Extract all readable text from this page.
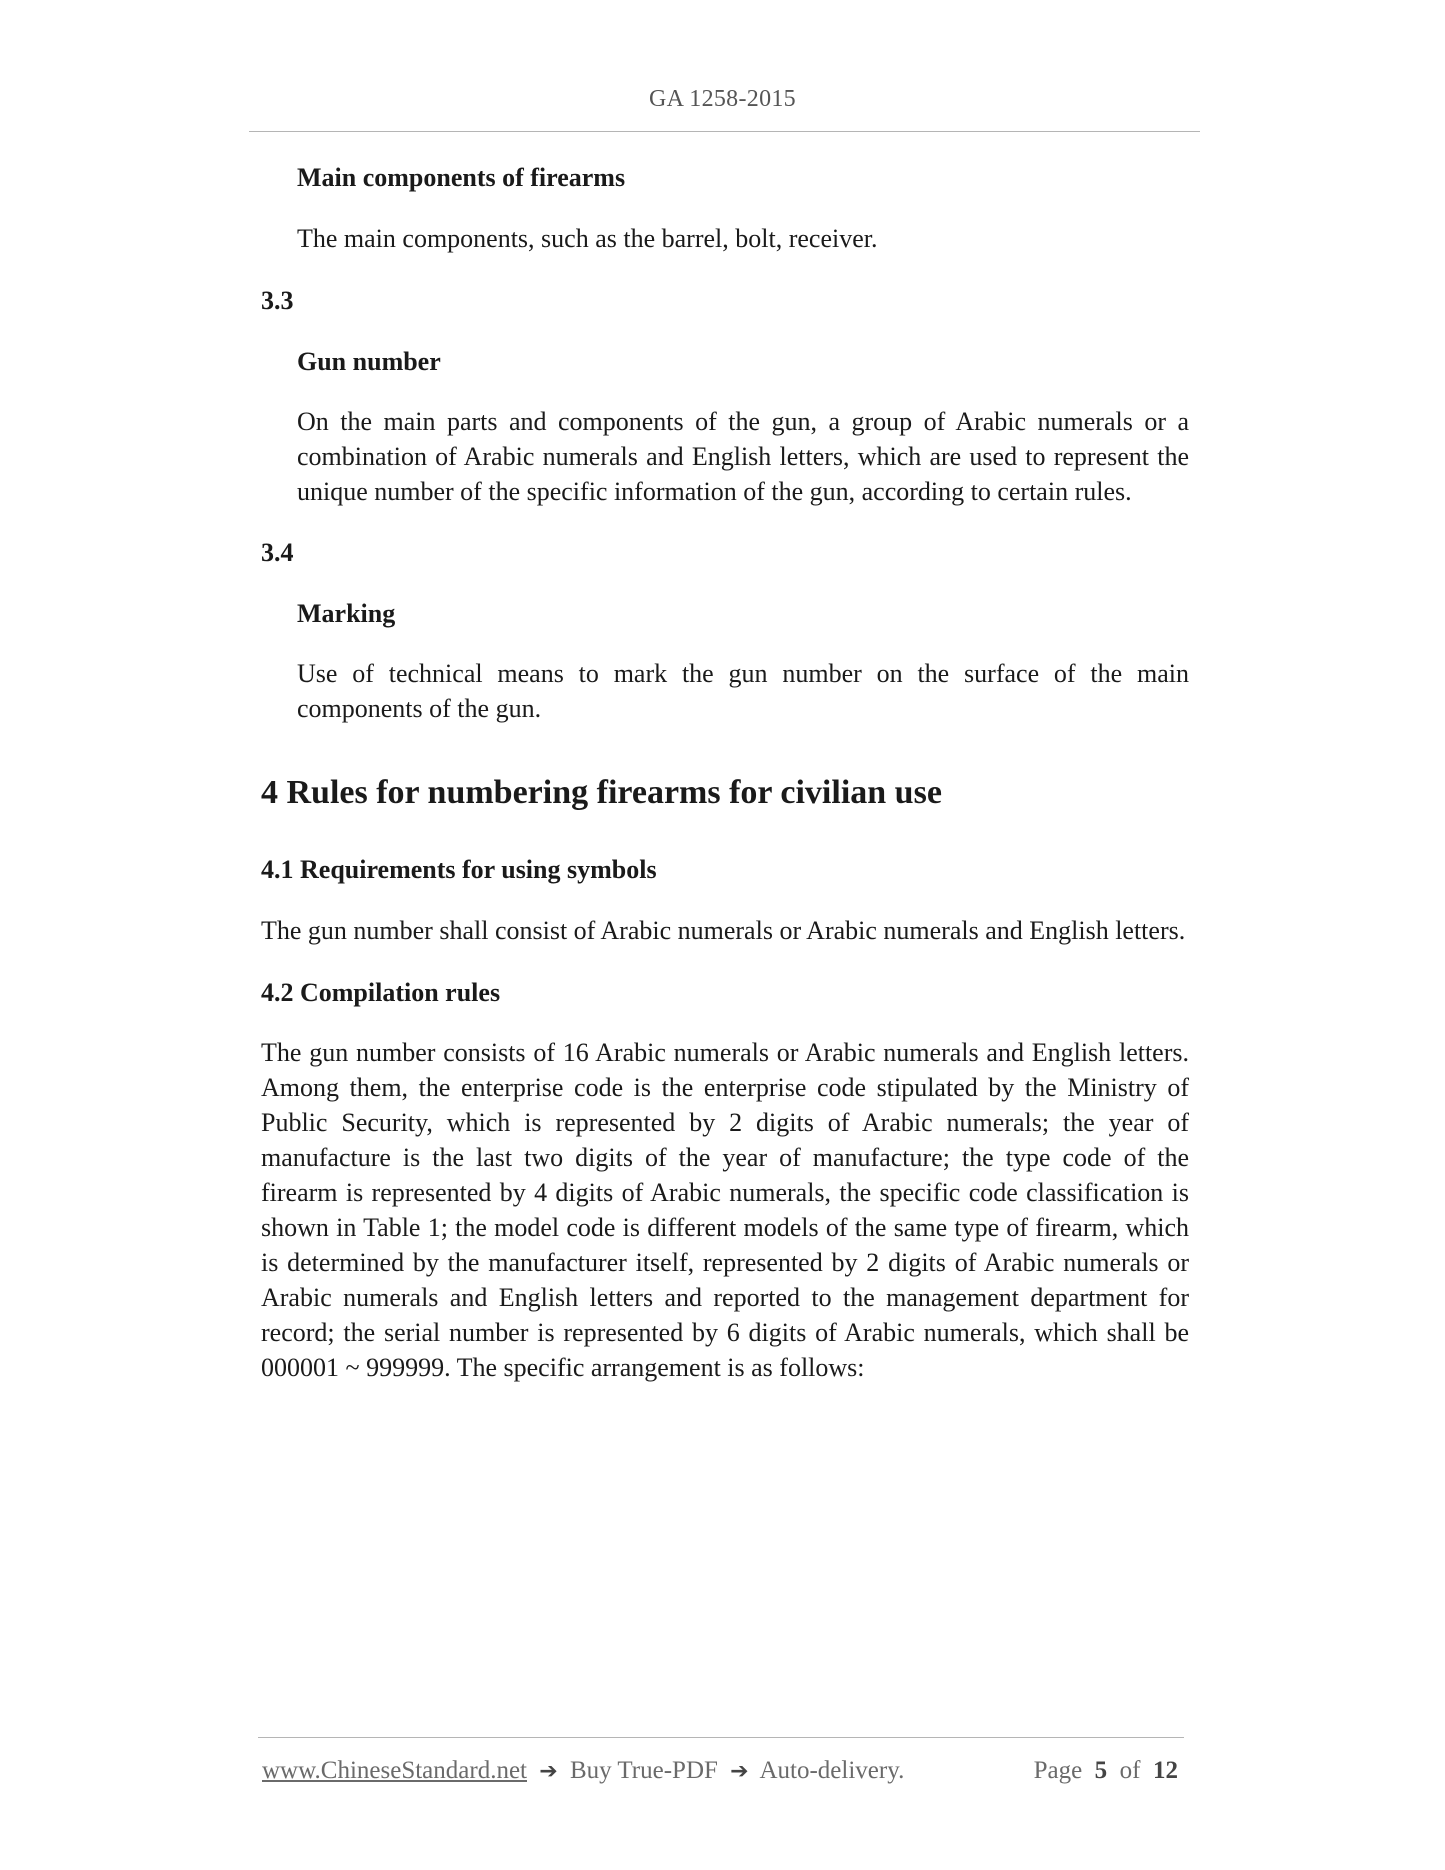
GA 1258-2015
Main components of firearms
The main components, such as the barrel, bolt, receiver.
3.3
Gun number
On the main parts and components of the gun, a group of Arabic numerals or a combination of Arabic numerals and English letters, which are used to represent the unique number of the specific information of the gun, according to certain rules.
3.4
Marking
Use of technical means to mark the gun number on the surface of the main components of the gun.
4 Rules for numbering firearms for civilian use
4.1 Requirements for using symbols
The gun number shall consist of Arabic numerals or Arabic numerals and English letters.
4.2 Compilation rules
The gun number consists of 16 Arabic numerals or Arabic numerals and English letters. Among them, the enterprise code is the enterprise code stipulated by the Ministry of Public Security, which is represented by 2 digits of Arabic numerals; the year of manufacture is the last two digits of the year of manufacture; the type code of the firearm is represented by 4 digits of Arabic numerals, the specific code classification is shown in Table 1; the model code is different models of the same type of firearm, which is determined by the manufacturer itself, represented by 2 digits of Arabic numerals or Arabic numerals and English letters and reported to the management department for record; the serial number is represented by 6 digits of Arabic numerals, which shall be 000001 ~ 999999. The specific arrangement is as follows:
www.ChineseStandard.net ➔ Buy True-PDF ➔ Auto-delivery.	Page 5 of 12
